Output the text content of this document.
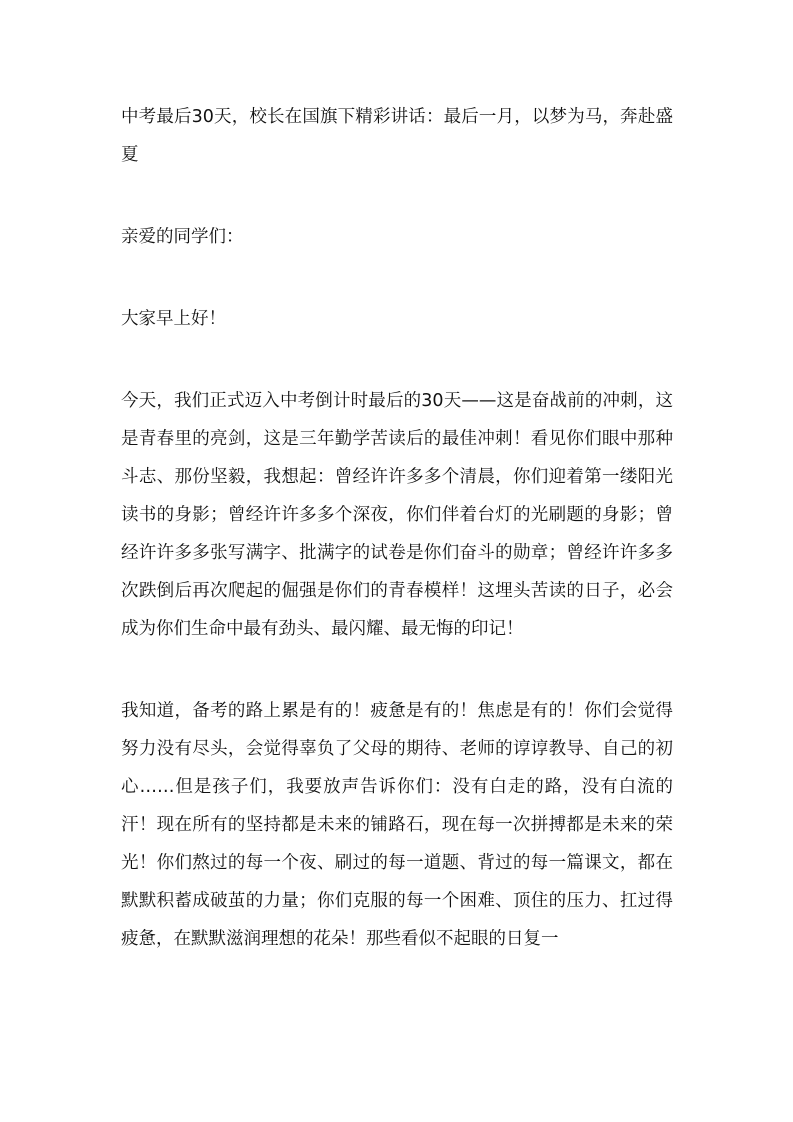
中考最后30天，校长在国旗下精彩讲话：最后一月，以梦为马，奔赴盛夏

亲爱的同学们：

大家早上好！

今天，我们正式迈入中考倒计时最后的30天——这是奋战前的冲刺，这是青春里的亮剑，这是三年勤学苦读后的最佳冲刺！看见你们眼中那种斗志、那份坚毅，我想起：曾经许许多多个清晨，你们迎着第一缕阳光读书的身影；曾经许许多多个深夜，你们伴着台灯的光刷题的身影；曾经许许多多张写满字、批满字的试卷是你们奋斗的勋章；曾经许许多多次跌倒后再次爬起的倔强是你们的青春模样！这埋头苦读的日子，必会成为你们生命中最有劲头、最闪耀、最无悔的印记！

我知道，备考的路上累是有的！疲惫是有的！焦虑是有的！你们会觉得努力没有尽头，会觉得辜负了父母的期待、老师的谆谆教导、自己的初心……但是孩子们，我要放声告诉你们：没有白走的路，没有白流的汗！现在所有的坚持都是未来的铺路石，现在每一次拼搏都是未来的荣光！你们熬过的每一个夜、刷过的每一道题、背过的每一篇课文，都在默默积蓄成破茧的力量；你们克服的每一个困难、顶住的压力、扛过得疲惫，在默默滋润理想的花朵！那些看似不起眼的日复一
